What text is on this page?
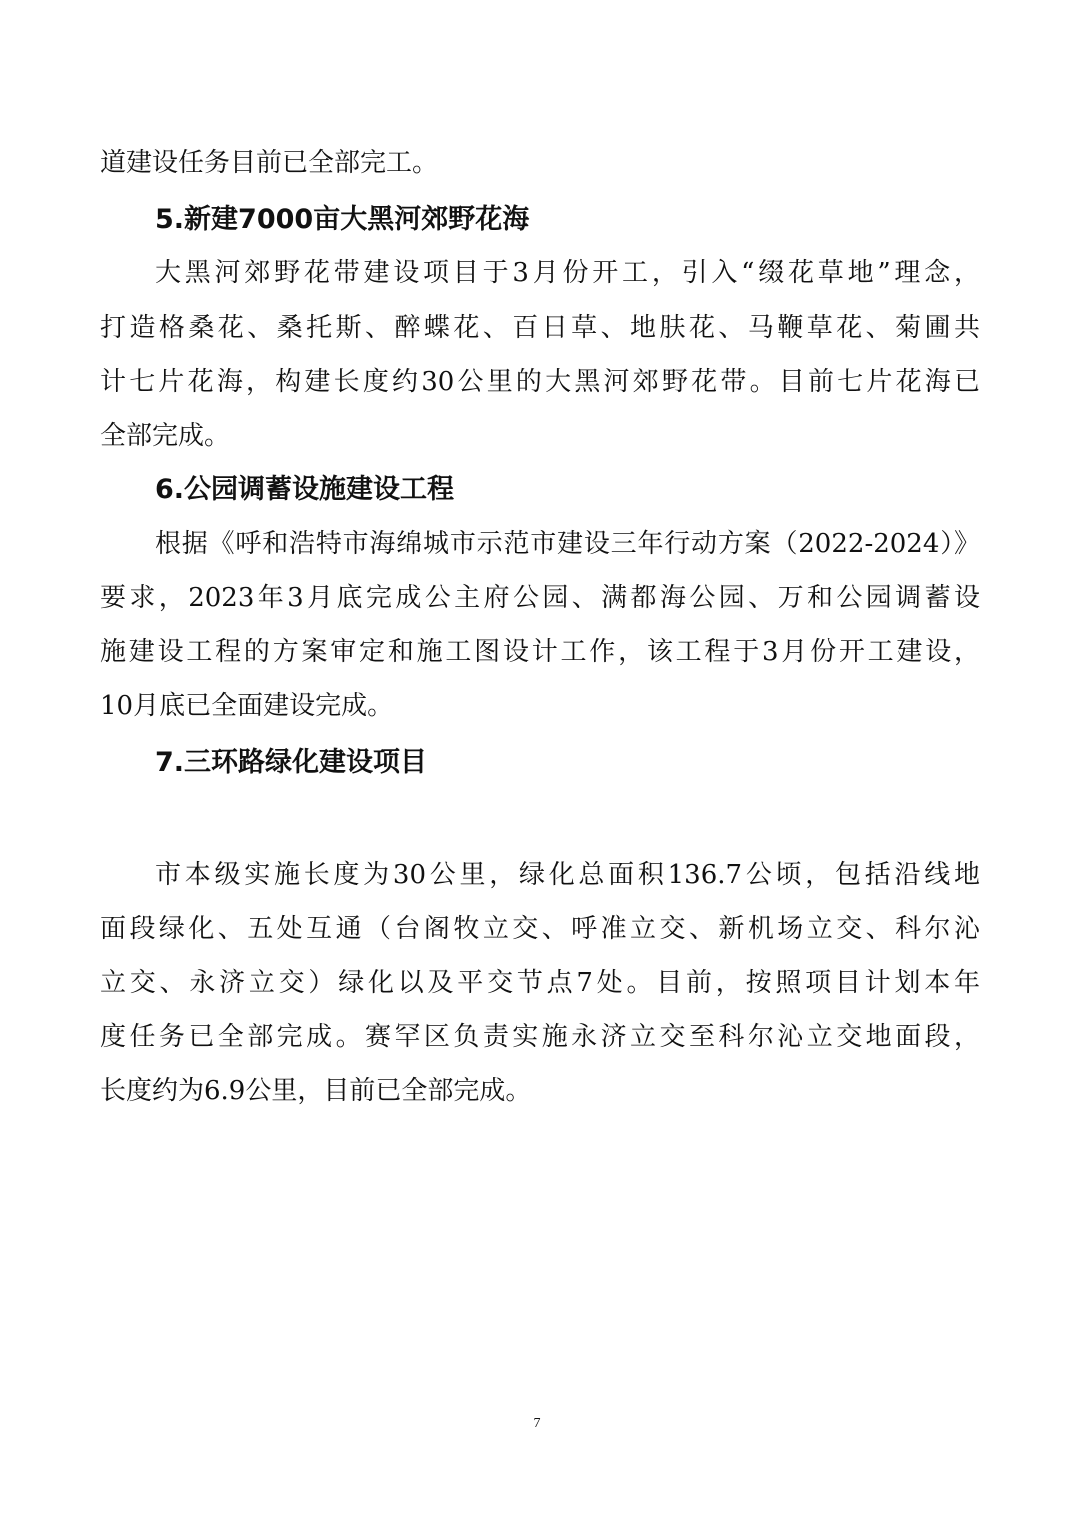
道建设任务目前已全部完工。
5.新建7000亩大黑河郊野花海
大黑河郊野花带建设项目于3月份开工，引入“缀花草地”理念，
打造格桑花、桑托斯、醉蝶花、百日草、地肤花、马鞭草花、菊圃共
计七片花海，构建长度约30公里的大黑河郊野花带。目前七片花海已
全部完成。
6.公园调蓄设施建设工程
根据《呼和浩特市海绵城市示范市建设三年行动方案（2022-2024）》
要求，2023年3月底完成公主府公园、满都海公园、万和公园调蓄设
施建设工程的方案审定和施工图设计工作，该工程于3月份开工建设，
10月底已全面建设完成。
7.三环路绿化建设项目
市本级实施长度为30公里，绿化总面积136.7公顷，包括沿线地
面段绿化、五处互通（台阁牧立交、呼准立交、新机场立交、科尔沁
立交、永济立交）绿化以及平交节点7处。目前，按照项目计划本年
度任务已全部完成。赛罕区负责实施永济立交至科尔沁立交地面段，
长度约为6.9公里，目前已全部完成。
7
